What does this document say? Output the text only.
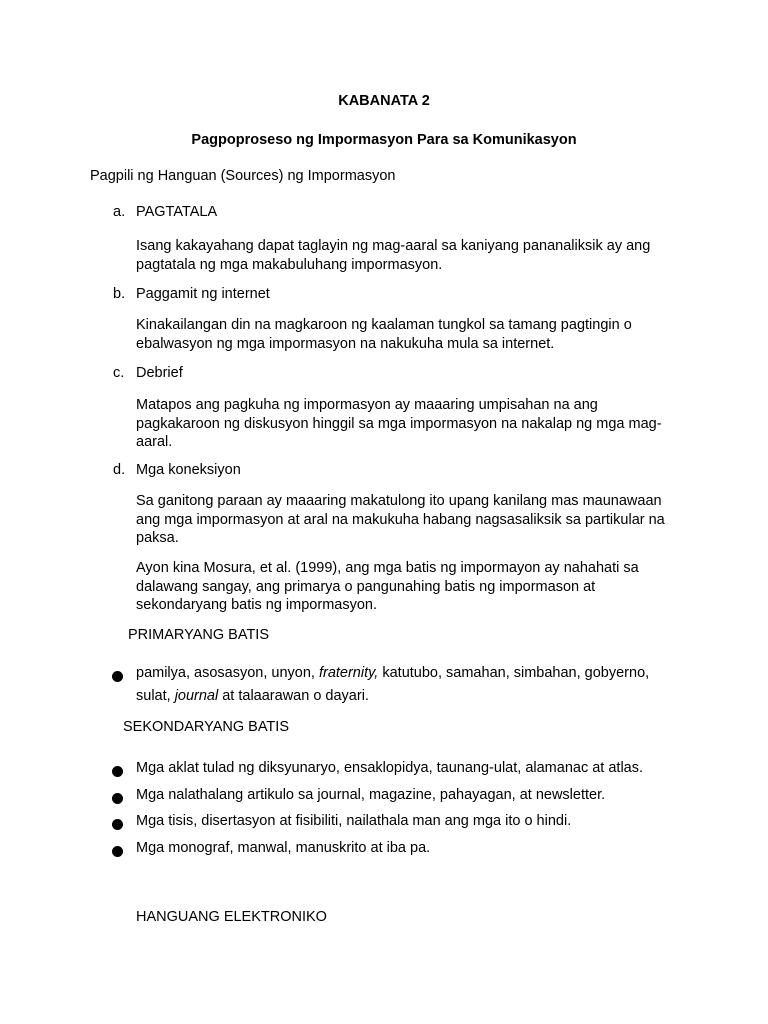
KABANATA 2
Pagpoproseso ng Impormasyon Para sa Komunikasyon
Pagpili ng Hanguan (Sources) ng Impormasyon
a. PAGTATALA
Isang kakayahang dapat taglayin ng mag-aaral sa kaniyang pananaliksik ay ang pagtatala ng mga makabuluhang impormasyon.
b. Paggamit ng internet
Kinakailangan din na magkaroon ng kaalaman tungkol sa tamang pagtingin o ebalwasyon ng mga impormasyon na nakukuha mula sa internet.
c. Debrief
Matapos ang pagkuha ng impormasyon ay maaaring umpisahan na ang pagkakaroon ng diskusyon hinggil sa mga impormasyon na nakalap ng mga mag-aaral.
d. Mga koneksiyon
Sa ganitong paraan ay maaaring makatulong ito upang kanilang mas maunawaan ang mga impormasyon at aral na makukuha habang nagsasaliksik sa partikular na paksa.
Ayon kina Mosura, et al. (1999), ang mga batis ng impormayon ay nahahati sa dalawang sangay, ang primarya o pangunahing batis ng impormason at sekondaryang batis ng impormasyon.
PRIMARYANG BATIS
pamilya, asosasyon, unyon, fraternity, katutubo, samahan, simbahan, gobyerno,
sulat, journal at talaarawan o dayari.
SEKONDARYANG BATIS
Mga aklat tulad ng diksyunaryo, ensaklopidya, taunang-ulat, alamanac at atlas.
Mga nalathalang artikulo sa journal, magazine, pahayagan, at newsletter.
Mga tisis, disertasyon at fisibiliti, nailathala man ang mga ito o hindi.
Mga monograf, manwal, manuskrito at iba pa.
HANGUANG ELEKTRONIKO
